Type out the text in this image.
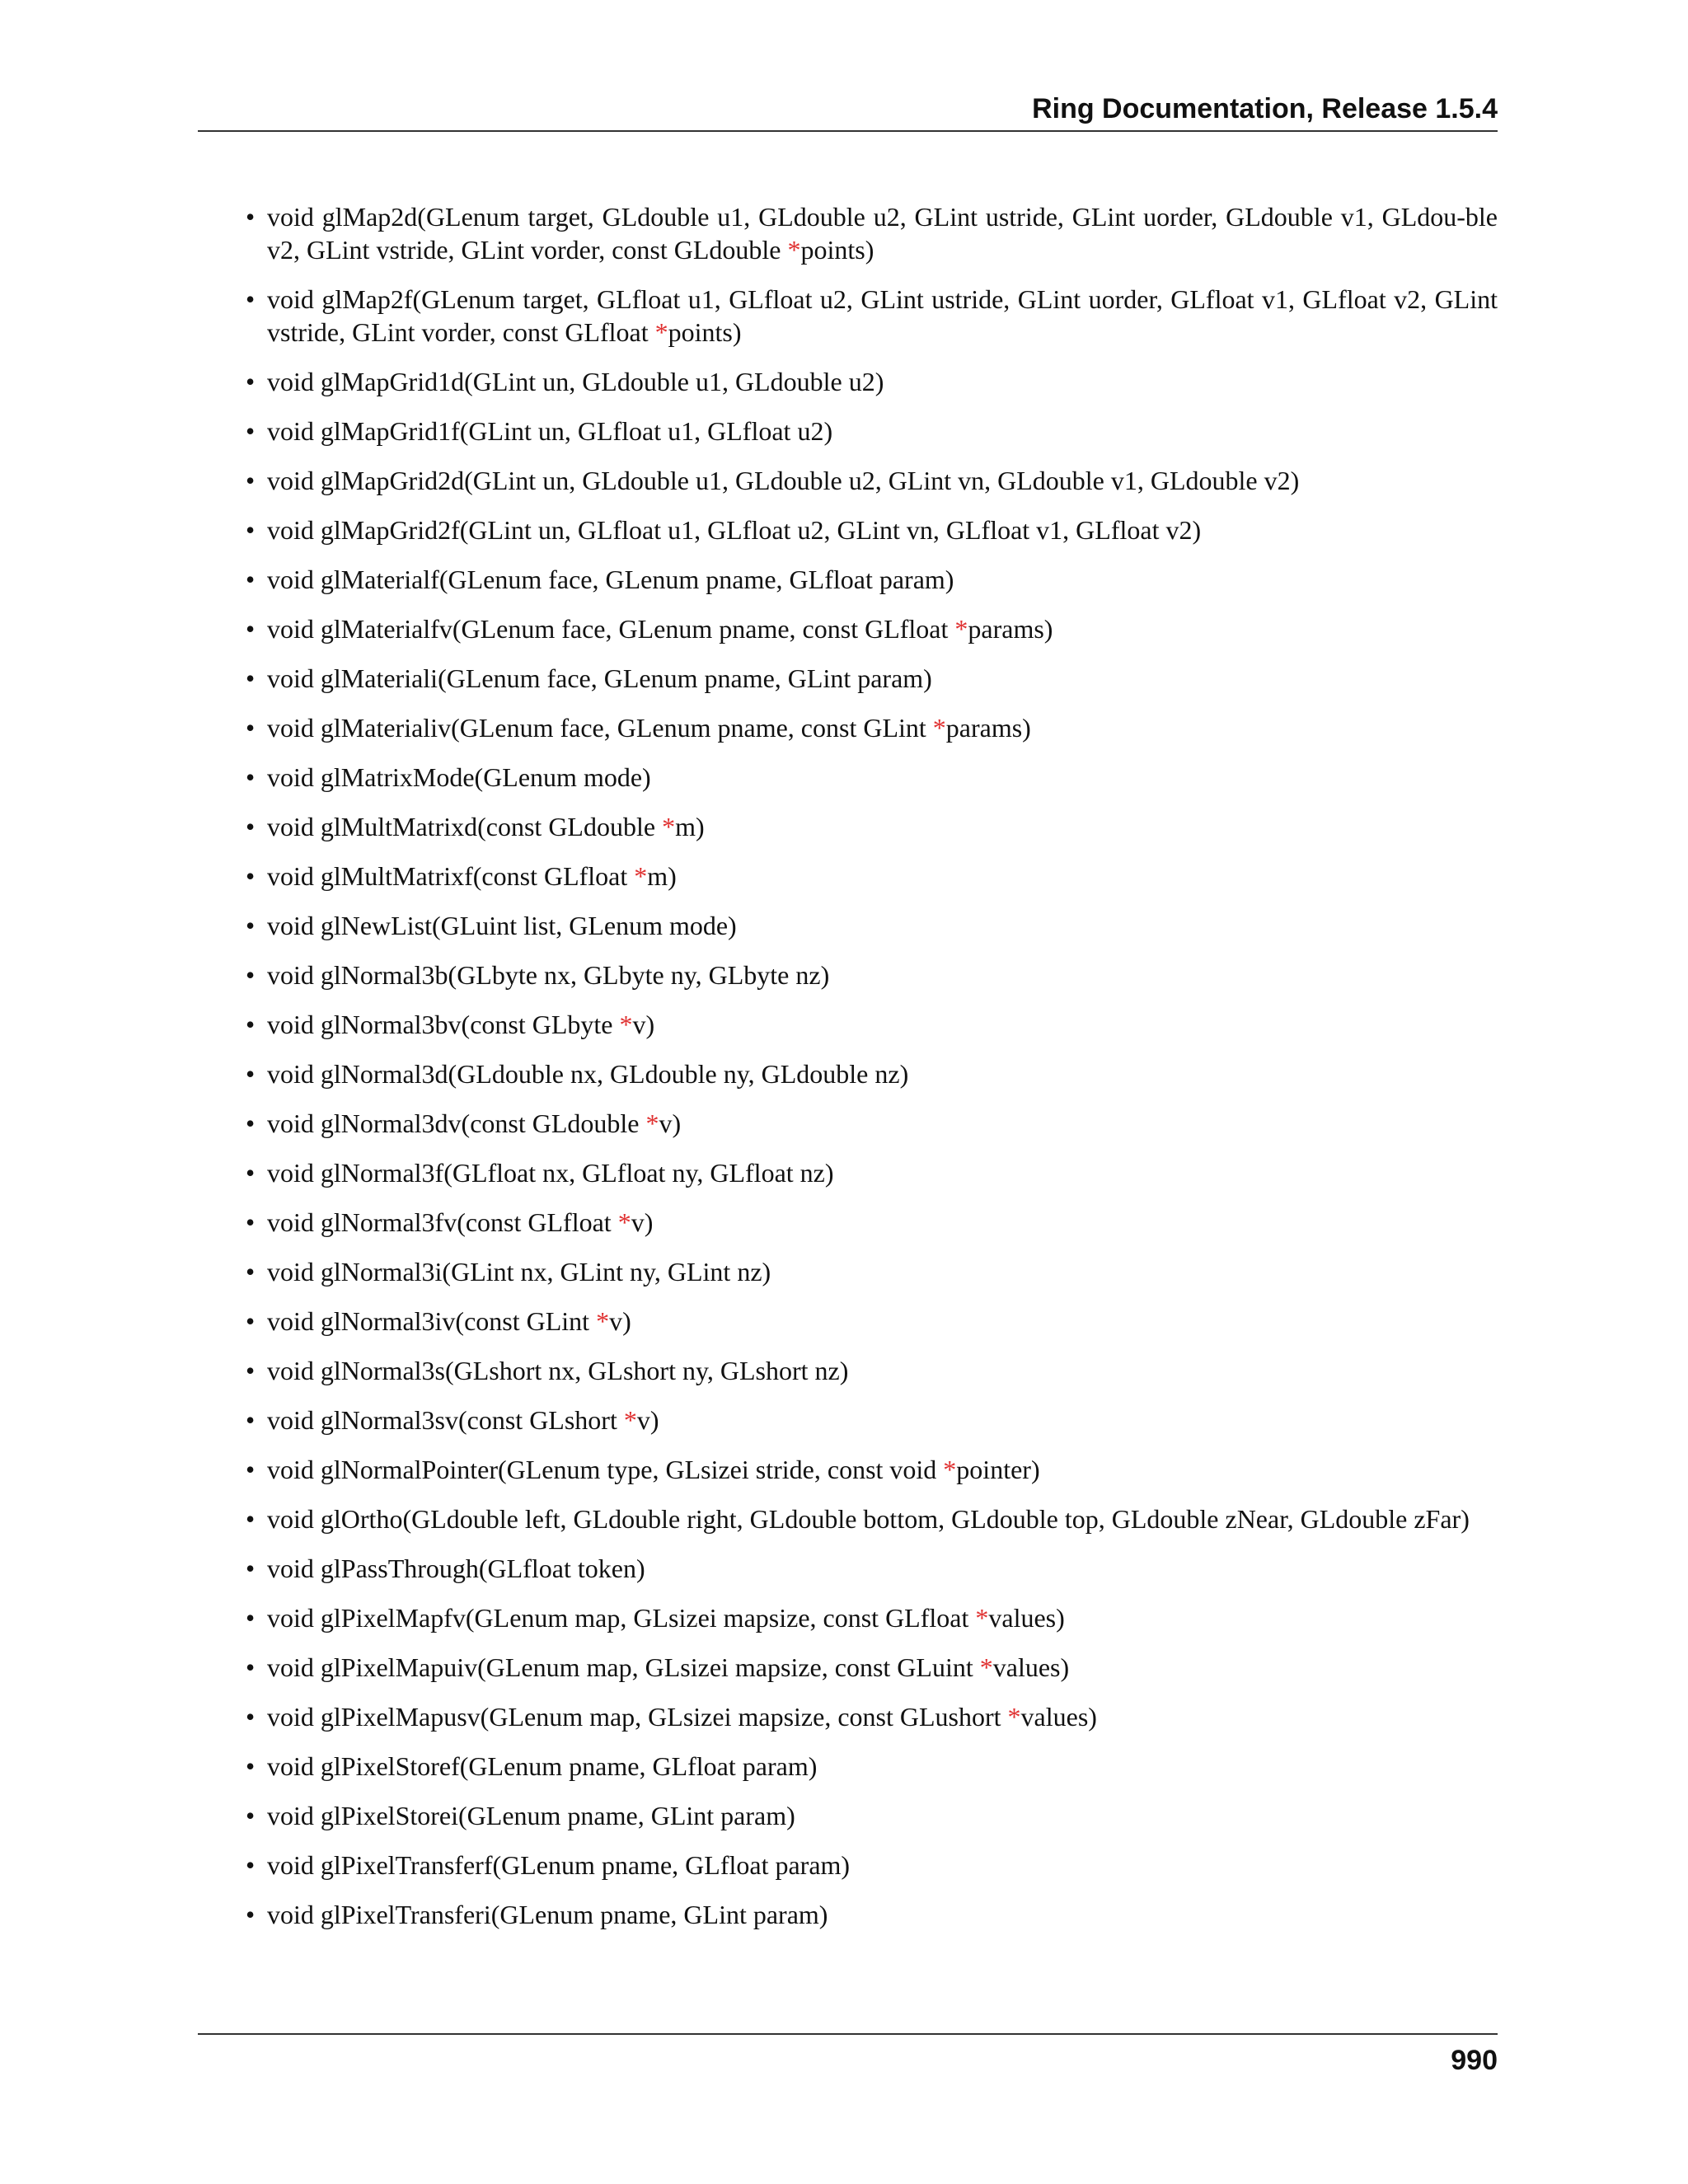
Ring Documentation, Release 1.5.4
• void glMap2d(GLenum target, GLdouble u1, GLdouble u2, GLint ustride, GLint uorder, GLdouble v1, GLdou-ble v2, GLint vstride, GLint vorder, const GLdouble *points)
• void glMap2f(GLenum target, GLfloat u1, GLfloat u2, GLint ustride, GLint uorder, GLfloat v1, GLfloat v2, GLint vstride, GLint vorder, const GLfloat *points)
• void glMapGrid1d(GLint un, GLdouble u1, GLdouble u2)
• void glMapGrid1f(GLint un, GLfloat u1, GLfloat u2)
• void glMapGrid2d(GLint un, GLdouble u1, GLdouble u2, GLint vn, GLdouble v1, GLdouble v2)
• void glMapGrid2f(GLint un, GLfloat u1, GLfloat u2, GLint vn, GLfloat v1, GLfloat v2)
• void glMaterialf(GLenum face, GLenum pname, GLfloat param)
• void glMaterialfv(GLenum face, GLenum pname, const GLfloat *params)
• void glMateriali(GLenum face, GLenum pname, GLint param)
• void glMaterialiv(GLenum face, GLenum pname, const GLint *params)
• void glMatrixMode(GLenum mode)
• void glMultMatrixd(const GLdouble *m)
• void glMultMatrixf(const GLfloat *m)
• void glNewList(GLuint list, GLenum mode)
• void glNormal3b(GLbyte nx, GLbyte ny, GLbyte nz)
• void glNormal3bv(const GLbyte *v)
• void glNormal3d(GLdouble nx, GLdouble ny, GLdouble nz)
• void glNormal3dv(const GLdouble *v)
• void glNormal3f(GLfloat nx, GLfloat ny, GLfloat nz)
• void glNormal3fv(const GLfloat *v)
• void glNormal3i(GLint nx, GLint ny, GLint nz)
• void glNormal3iv(const GLint *v)
• void glNormal3s(GLshort nx, GLshort ny, GLshort nz)
• void glNormal3sv(const GLshort *v)
• void glNormalPointer(GLenum type, GLsizei stride, const void *pointer)
• void glOrtho(GLdouble left, GLdouble right, GLdouble bottom, GLdouble top, GLdouble zNear, GLdouble zFar)
• void glPassThrough(GLfloat token)
• void glPixelMapfv(GLenum map, GLsizei mapsize, const GLfloat *values)
• void glPixelMapuiv(GLenum map, GLsizei mapsize, const GLuint *values)
• void glPixelMapusv(GLenum map, GLsizei mapsize, const GLushort *values)
• void glPixelStoref(GLenum pname, GLfloat param)
• void glPixelStorei(GLenum pname, GLint param)
• void glPixelTransferf(GLenum pname, GLfloat param)
• void glPixelTransferi(GLenum pname, GLint param)
990
